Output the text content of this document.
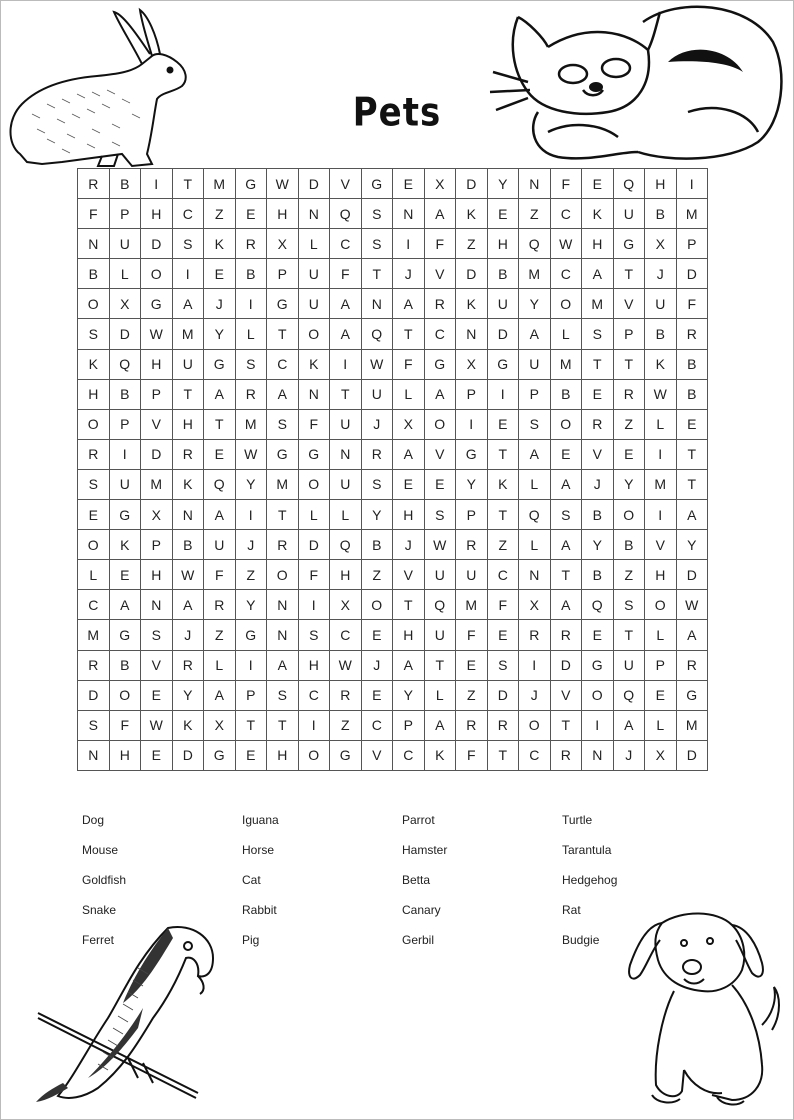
Pets
R	B	I	T	M	G	W	D	V	G	E	X	D	Y	N	F	E	Q	H	I
F	P	H	C	Z	E	H	N	Q	S	N	A	K	E	Z	C	K	U	B	M
N	U	D	S	K	R	X	L	C	S	I	F	Z	H	Q	W	H	G	X	P
B	L	O	I	E	B	P	U	F	T	J	V	D	B	M	C	A	T	J	D
O	X	G	A	J	I	G	U	A	N	A	R	K	U	Y	O	M	V	U	F
S	D	W	M	Y	L	T	O	A	Q	T	C	N	D	A	L	S	P	B	R
K	Q	H	U	G	S	C	K	I	W	F	G	X	G	U	M	T	T	K	B
H	B	P	T	A	R	A	N	T	U	L	A	P	I	P	B	E	R	W	B
O	P	V	H	T	M	S	F	U	J	X	O	I	E	S	O	R	Z	L	E
R	I	D	R	E	W	G	G	N	R	A	V	G	T	A	E	V	E	I	T
S	U	M	K	Q	Y	M	O	U	S	E	E	Y	K	L	A	J	Y	M	T
E	G	X	N	A	I	T	L	L	Y	H	S	P	T	Q	S	B	O	I	A
O	K	P	B	U	J	R	D	Q	B	J	W	R	Z	L	A	Y	B	V	Y
L	E	H	W	F	Z	O	F	H	Z	V	U	U	C	N	T	B	Z	H	D
C	A	N	A	R	Y	N	I	X	O	T	Q	M	F	X	A	Q	S	O	W
M	G	S	J	Z	G	N	S	C	E	H	U	F	E	R	R	E	T	L	A
R	B	V	R	L	I	A	H	W	J	A	T	E	S	I	D	G	U	P	R
D	O	E	Y	A	P	S	C	R	E	Y	L	Z	D	J	V	O	Q	E	G
S	F	W	K	X	T	T	I	Z	C	P	A	R	R	O	T	I	A	L	M
N	H	E	D	G	E	H	O	G	V	C	K	F	T	C	R	N	J	X	D
Dog	Iguana	Parrot	Turtle
Mouse	Horse	Hamster	Tarantula
Goldfish	Cat	Betta	Hedgehog
Snake	Rabbit	Canary	Rat
Ferret	Pig	Gerbil	Budgie
